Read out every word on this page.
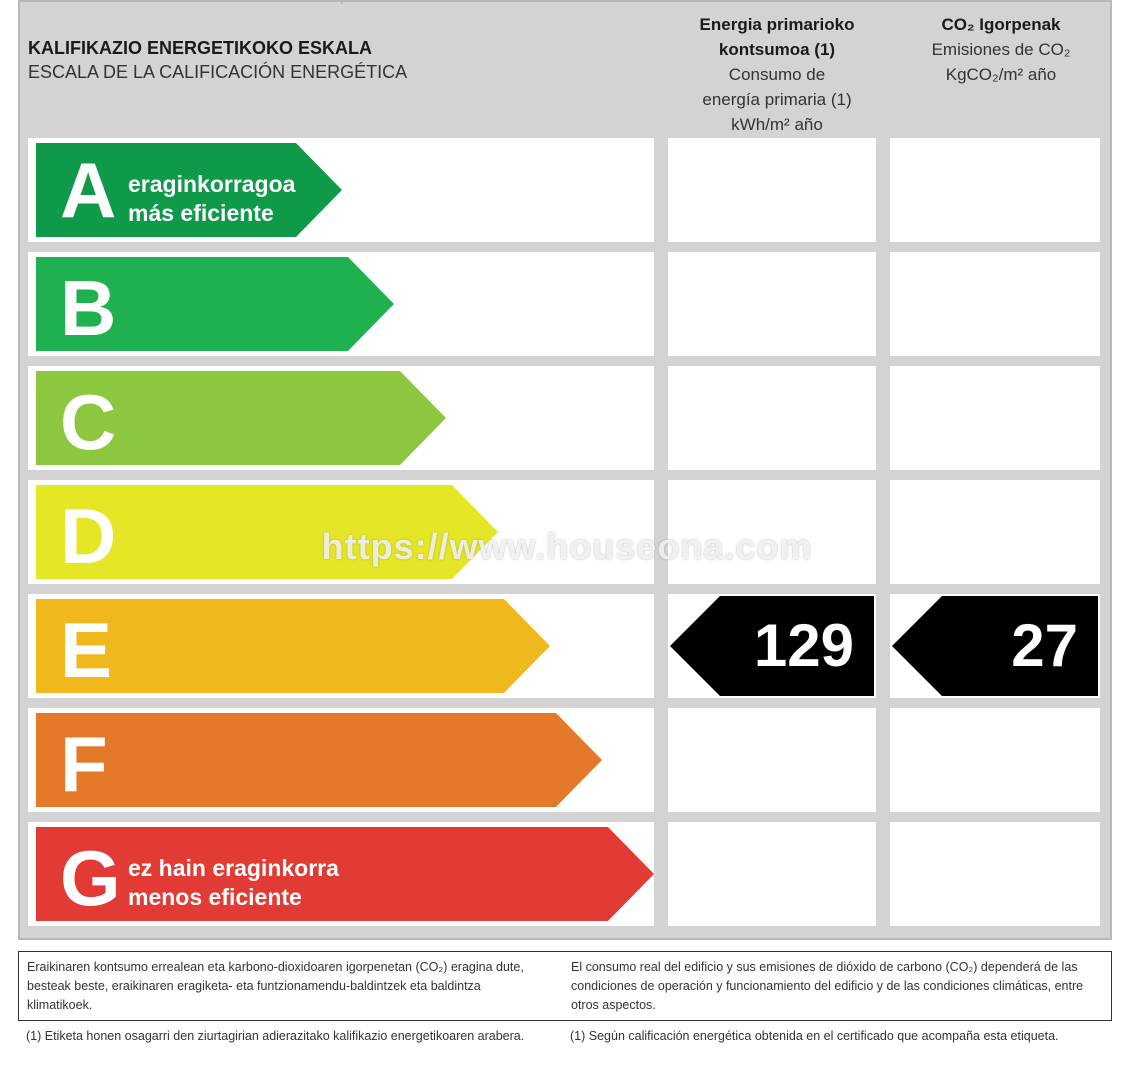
KALIFIKAZIO ENERGETIKOKO ESKALA
ESCALA DE LA CALIFICACIÓN ENERGÉTICA
Energia primarioko
kontsumoa (1)
Consumo de
energía primaria (1)
kWh/m² año
CO₂ Igorpenak
Emisiones de CO₂
KgCO₂/m² año
A eraginkorragoa
más eficiente
B
C
D
E	129	27
F
G ez hain eraginkorra
menos eficiente
https://www.houseona.com
Eraikinaren kontsumo errealean eta karbono-dioxidoaren igorpenetan (CO₂) eragina dute, besteak beste, eraikinaren eragiketa- eta funtzionamendu-baldintzek eta baldintza klimatikoek.
El consumo real del edificio y sus emisiones de dióxido de carbono (CO₂) dependerá de las condiciones de operación y funcionamiento del edificio y de las condiciones climáticas, entre otros aspectos.
(1) Etiketa honen osagarri den ziurtagirian adierazitako kalifikazio energetikoaren arabera.	(1) Según calificación energética obtenida en el certificado que acompaña esta etiqueta.
